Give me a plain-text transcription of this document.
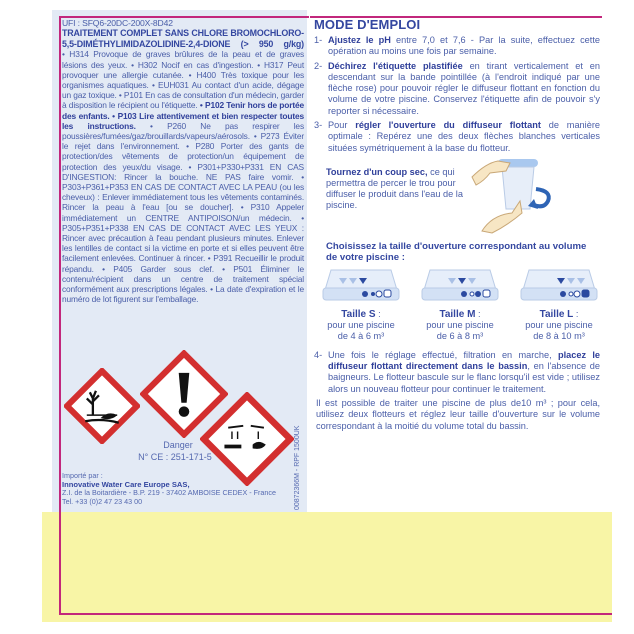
UFI : SFQ6-20DC-200X-8D42
TRAITEMENT COMPLET SANS CHLORE BROMOCHLORO-
5,5-DIMÉTHYLIMIDAZOLIDINE-2,4-DIONE (> 950 g/kg)
• H314 Provoque de graves brûlures de la peau et de graves lésions des yeux. • H302 Nocif en cas d'ingestion. • H317 Peut provoquer une allergie cutanée. • H400 Très toxique pour les organismes aquatiques. • EUH031 Au contact d'un acide, dégage un gaz toxique. • P101 En cas de consultation d'un médecin, garder à disposition le récipient ou l'étiquette. • P102 Tenir hors de portée des enfants. • P103 Lire attentivement et bien respecter toutes les instructions. • P260 Ne pas respirer les poussières/fumées/gaz/brouillards/vapeurs/aérosols. • P273 Éviter le rejet dans l'environnement. • P280 Porter des gants de protection/des vêtements de protection/un équipement de protection des yeux/du visage. • P301+P330+P331 EN CAS D'INGESTION: Rincer la bouche. NE PAS faire vomir. • P303+P361+P353 EN CAS DE CONTACT AVEC LA PEAU (ou les cheveux) : Enlever immédiatement tous les vêtements contaminés. Rincer la peau à l'eau [ou se doucher]. • P310 Appeler immédiatement un CENTRE ANTIPOISON/un médecin. • P305+P351+P338 EN CAS DE CONTACT AVEC LES YEUX : Rincer avec précaution à l'eau pendant plusieurs minutes. Enlever les lentilles de contact si la victime en porte et si elles peuvent être facilement enlevées. Continuer à rincer. • P391 Recueillir le produit répandu. • P405 Garder sous clef. • P501 Éliminer le contenu/récipient dans un centre de traitement spécial conformément aux prescriptions légales. • La date d'expiration et le numéro de lot figurent sur l'emballage.
Danger
N° CE : 251-171-5
Importé par :
Innovative Water Care Europe SAS,
Z.I. de la Boitardière - B.P. 219 - 37402 AMBOISE CEDEX - France
Tel. +33 (0)2 47 23 43 00	00872366M - RPF 1500UK
MODE D'EMPLOI
1- Ajustez le pH entre 7,0 et 7,6 - Par la suite, effectuez cette opération au moins une fois par semaine.
2- Déchirez l'étiquette plastifiée en tirant verticalement et en descendant sur la bande pointillée (à l'endroit indiqué par une flèche rose) pour pouvoir régler le diffuseur flottant en fonction du volume de votre piscine. Conservez l'étiquette afin de pouvoir s'y reporter si nécessaire.
3- Pour régler l'ouverture du diffuseur flottant de manière optimale : Repérez une des deux flèches blanches verticales situées symétriquement à la base du flotteur.
Tournez d'un coup sec, ce qui permettra de percer le trou pour diffuser le produit dans l'eau de la piscine.
Choisissez la taille d'ouverture correspondant au volume de votre piscine :
Taille S :
pour une piscine
de 4 à 6 m³
Taille M :
pour une piscine
de 6 à 8 m³
Taille L :
pour une piscine
de 8 à 10 m³
4- Une fois le réglage effectué, filtration en marche, placez le diffuseur flottant directement dans le bassin, en l'absence de baigneurs. Le flotteur bascule sur le flanc lorsqu'il est vide ; utilisez alors un nouveau flotteur pour continuer le traitement.
Il est possible de traiter une piscine de plus de10 m³ ; pour cela, utilisez deux flotteurs et réglez leur taille d'ouverture sur le volume correspondant à la moitié du volume total du bassin.
